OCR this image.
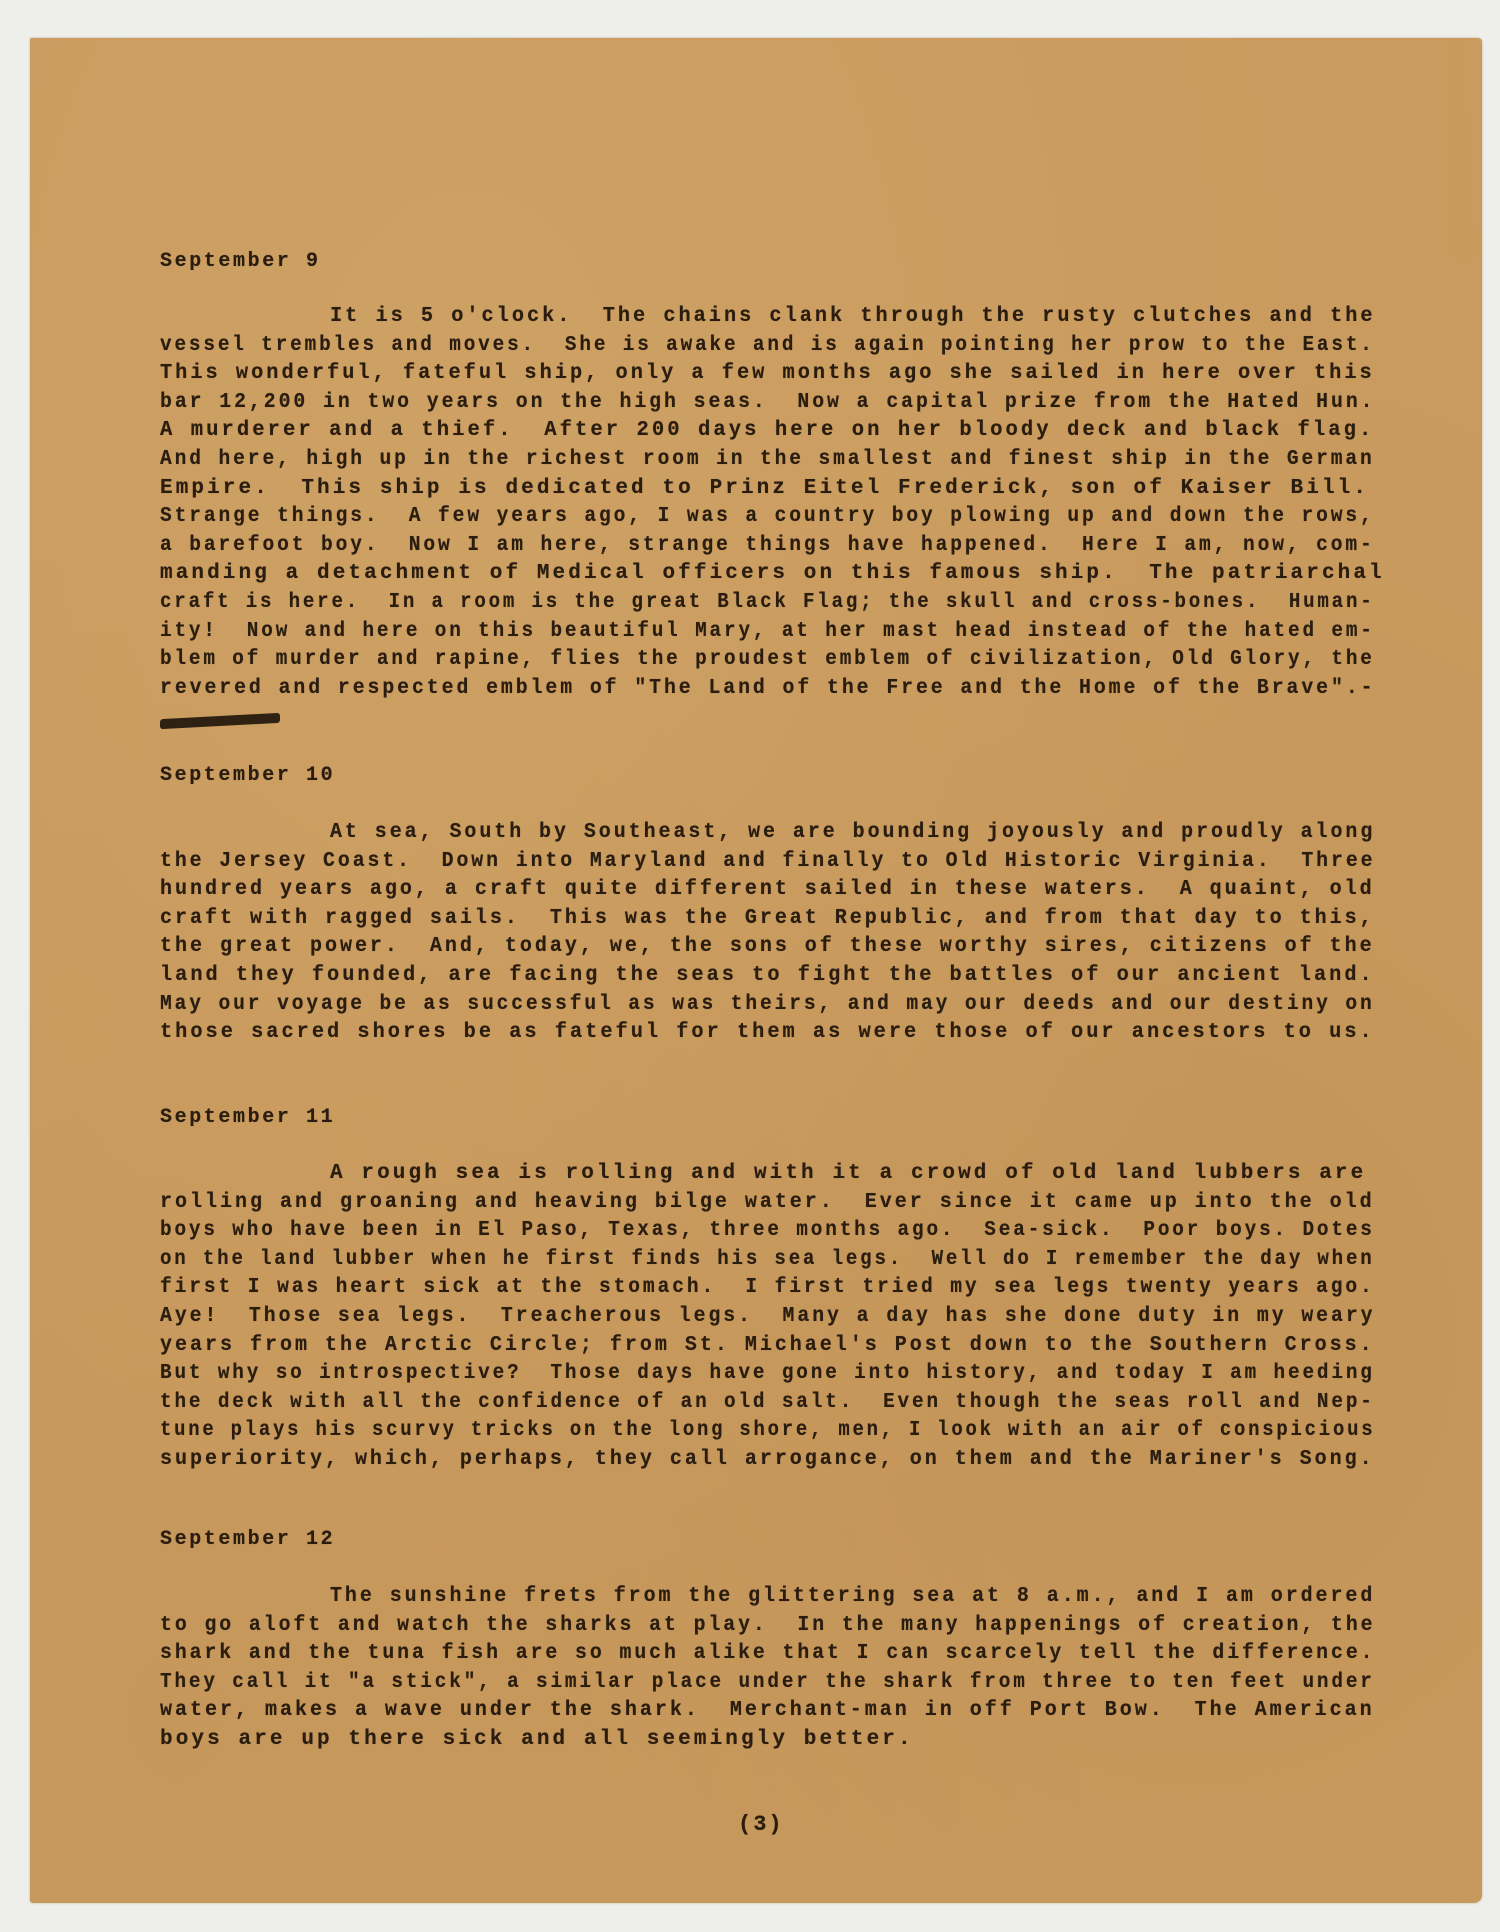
September 9
It is 5 o'clock.  The chains clank through the rusty clutches and the
vessel trembles and moves.  She is awake and is again pointing her prow to the East.
This wonderful, fateful ship, only a few months ago she sailed in here over this
bar 12,200 in two years on the high seas.  Now a capital prize from the Hated Hun.
A murderer and a thief.  After 200 days here on her bloody deck and black flag.
And here, high up in the richest room in the smallest and finest ship in the German
Empire.  This ship is dedicated to Prinz Eitel Frederick, son of Kaiser Bill.
Strange things.  A few years ago, I was a country boy plowing up and down the rows,
a barefoot boy.  Now I am here, strange things have happened.  Here I am, now, com-
manding a detachment of Medical officers on this famous ship.  The patriarchal
craft is here.  In a room is the great Black Flag; the skull and cross-bones.  Human-
ity!  Now and here on this beautiful Mary, at her mast head instead of the hated em-
blem of murder and rapine, flies the proudest emblem of civilization, Old Glory, the
revered and respected emblem of "The Land of the Free and the Home of the Brave".-
September 10
At sea, South by Southeast, we are bounding joyously and proudly along
the Jersey Coast.  Down into Maryland and finally to Old Historic Virginia.  Three
hundred years ago, a craft quite different sailed in these waters.  A quaint, old
craft with ragged sails.  This was the Great Republic, and from that day to this,
the great power.  And, today, we, the sons of these worthy sires, citizens of the
land they founded, are facing the seas to fight the battles of our ancient land.
May our voyage be as successful as was theirs, and may our deeds and our destiny on
those sacred shores be as fateful for them as were those of our ancestors to us.
September 11
A rough sea is rolling and with it a crowd of old land lubbers are
rolling and groaning and heaving bilge water.  Ever since it came up into the old
boys who have been in El Paso, Texas, three months ago.  Sea-sick.  Poor boys. Dotes
on the land lubber when he first finds his sea legs.  Well do I remember the day when
first I was heart sick at the stomach.  I first tried my sea legs twenty years ago.
Aye!  Those sea legs.  Treacherous legs.  Many a day has she done duty in my weary
years from the Arctic Circle; from St. Michael's Post down to the Southern Cross.
But why so introspective?  Those days have gone into history, and today I am heeding
the deck with all the confidence of an old salt.  Even though the seas roll and Nep-
tune plays his scurvy tricks on the long shore, men, I look with an air of conspicious
superiority, which, perhaps, they call arrogance, on them and the Mariner's Song.
September 12
The sunshine frets from the glittering sea at 8 a.m., and I am ordered
to go aloft and watch the sharks at play.  In the many happenings of creation, the
shark and the tuna fish are so much alike that I can scarcely tell the difference.
They call it "a stick", a similar place under the shark from three to ten feet under
water, makes a wave under the shark.  Merchant-man in off Port Bow.  The American
boys are up there sick and all seemingly better.
(3)
